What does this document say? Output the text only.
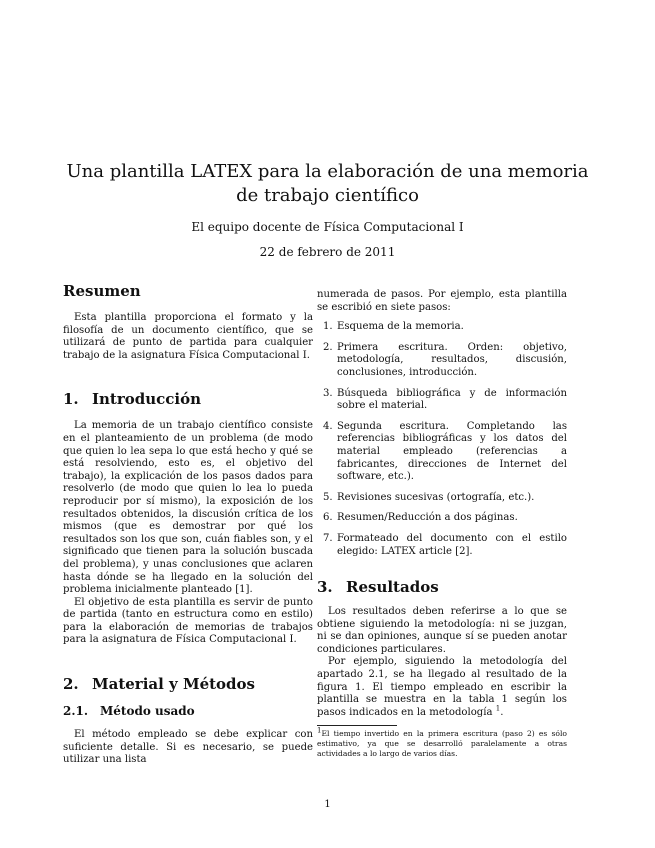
Una plantilla LATEX para la elaboración de una memoria de trabajo científico
El equipo docente de Física Computacional I
22 de febrero de 2011
Resumen

Esta plantilla proporciona el formato y la filosofía de un documento científico, que se utilizará de punto de partida para cualquier trabajo de la asignatura Física Computacional I.

1. Introducción

La memoria de un trabajo científico consiste en el planteamiento de un problema (de modo que quien lo lea sepa lo que está hecho y qué se está resolviendo, esto es, el objetivo del trabajo), la explicación de los pasos dados para resolverlo (de modo que quien lo lea lo pueda reproducir por sí mismo), la exposición de los resultados obtenidos, la discusión crítica de los mismos (que es demostrar por qué los resultados son los que son, cuán fiables son, y el significado que tienen para la solución buscada del problema), y unas conclusiones que aclaren hasta dónde se ha llegado en la solución del problema inicialmente planteado [1].

El objetivo de esta plantilla es servir de punto de partida (tanto en estructura como en estilo) para la elaboración de memorias de trabajos para la asignatura de Física Computacional I.

2. Material y Métodos
2.1. Método usado

El método empleado se debe explicar con suficiente detalle. Si es necesario, se puede utilizar una lista

numerada de pasos. Por ejemplo, esta plantilla se escribió en siete pasos:

1. Esquema de la memoria.
2. Primera escritura. Orden: objetivo, metodología, resultados, discusión, conclusiones, introducción.
3. Búsqueda bibliográfica y de información sobre el material.
4. Segunda escritura. Completando las referencias bibliográficas y los datos del material empleado (referencias a fabricantes, direcciones de Internet del software, etc.).
5. Revisiones sucesivas (ortografía, etc.).
6. Resumen/Reducción a dos páginas.
7. Formateado del documento con el estilo elegido: LATEX article [2].
3. Resultados

Los resultados deben referirse a lo que se obtiene siguiendo la metodología: ni se juzgan, ni se dan opiniones, aunque sí se pueden anotar condiciones particulares.

Por ejemplo, siguiendo la metodología del apartado 2.1, se ha llegado al resultado de la figura 1. El tiempo empleado en escribir la plantilla se muestra en la tabla 1 según los pasos indicados en la metodología $^1$.

$^1$El tiempo invertido en la primera escritura (paso 2) es sólo estimativo, ya que se desarrolló paralelamente a otras actividades a lo largo de varios días.

1
